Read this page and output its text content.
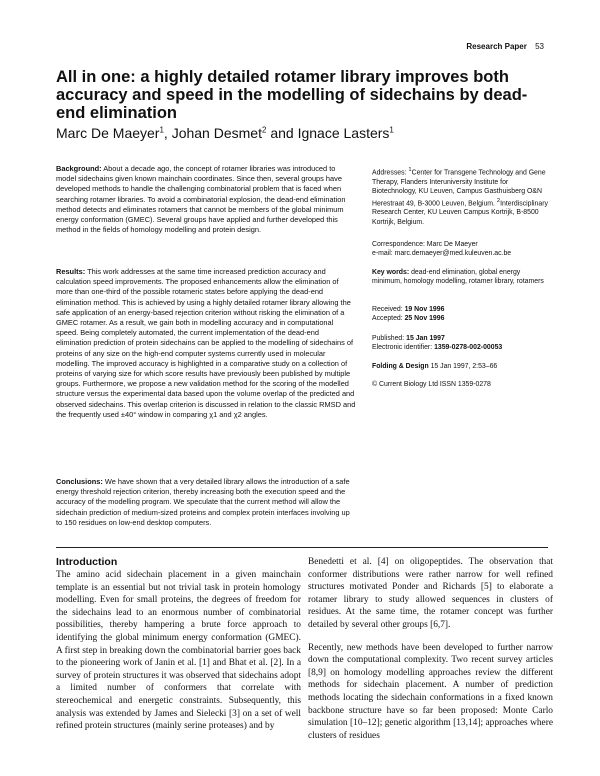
Research Paper 53
All in one: a highly detailed rotamer library improves both accuracy and speed in the modelling of sidechains by dead-end elimination
Marc De Maeyer$^1$, Johan Desmet$^2$ and Ignace Lasters$^1$
Background: About a decade ago, the concept of rotamer libraries was introduced to model sidechains given known mainchain coordinates. Since then, several groups have developed methods to handle the challenging combinatorial problem that is faced when searching rotamer libraries. To avoid a combinatorial explosion, the dead-end elimination method detects and eliminates rotamers that cannot be members of the global minimum energy conformation (GMEC). Several groups have applied and further developed this method in the fields of homology modelling and protein design.
Results: This work addresses at the same time increased prediction accuracy and calculation speed improvements. The proposed enhancements allow the elimination of more than one-third of the possible rotameric states before applying the dead-end elimination method. This is achieved by using a highly detailed rotamer library allowing the safe application of an energy-based rejection criterion without risking the elimination of a GMEC rotamer. As a result, we gain both in modelling accuracy and in computational speed. Being completely automated, the current implementation of the dead-end elimination prediction of protein sidechains can be applied to the modelling of sidechains of proteins of any size on the high-end computer systems currently used in molecular modelling. The improved accuracy is highlighted in a comparative study on a collection of proteins of varying size for which score results have previously been published by multiple groups. Furthermore, we propose a new validation method for the scoring of the modelled structure versus the experimental data based upon the volume overlap of the predicted and observed sidechains. This overlap criterion is discussed in relation to the classic RMSD and the frequently used ±40° window in comparing χ1 and χ2 angles.
Conclusions: We have shown that a very detailed library allows the introduction of a safe energy threshold rejection criterion, thereby increasing both the execution speed and the accuracy of the modelling program. We speculate that the current method will allow the sidechain prediction of medium-sized proteins and complex protein interfaces involving up to 150 residues on low-end desktop computers.
Addresses: $^1$Center for Transgene Technology and Gene Therapy, Flanders Interuniversity Institute for Biotechnology, KU Leuven, Campus Gasthuisberg O&N Herestraat 49, B-3000 Leuven, Belgium. $^2$Interdisciplinary Research Center, KU Leuven Campus Kortrijk, B-8500 Kortrijk, Belgium.
Correspondence: Marc De Maeyer
e-mail: marc.demaeyer@med.kuleuven.ac.be
Key words: dead-end elimination, global energy minimum, homology modelling, rotamer library, rotamers
Received: 19 Nov 1996
Accepted: 25 Nov 1996
Published: 15 Jan 1997
Electronic identifier: 1359-0278-002-00053
Folding & Design 15 Jan 1997, 2:53–66
© Current Biology Ltd ISSN 1359-0278
Introduction

The amino acid sidechain placement in a given mainchain template is an essential but not trivial task in protein homology modelling. Even for small proteins, the degrees of freedom for the sidechains lead to an enormous number of combinatorial possibilities, thereby hampering a brute force approach to identifying the global minimum energy conformation (GMEC). A first step in breaking down the combinatorial barrier goes back to the pioneering work of Janin et al. [1] and Bhat et al. [2]. In a survey of protein structures it was observed that sidechains adopt a limited number of conformers that correlate with stereochemical and energetic constraints. Subsequently, this analysis was extended by James and Sielecki [3] on a set of well refined protein structures (mainly serine proteases) and by

Benedetti et al. [4] on oligopeptides. The observation that conformer distributions were rather narrow for well refined structures motivated Ponder and Richards [5] to elaborate a rotamer library to study allowed sequences in clusters of residues. At the same time, the rotamer concept was further detailed by several other groups [6,7].

Recently, new methods have been developed to further narrow down the computational complexity. Two recent survey articles [8,9] on homology modelling approaches review the different methods for sidechain placement. A number of prediction methods locating the sidechain conformations in a fixed known backbone structure have so far been proposed: Monte Carlo simulation [10–12]; genetic algorithm [13,14]; approaches where clusters of residues
